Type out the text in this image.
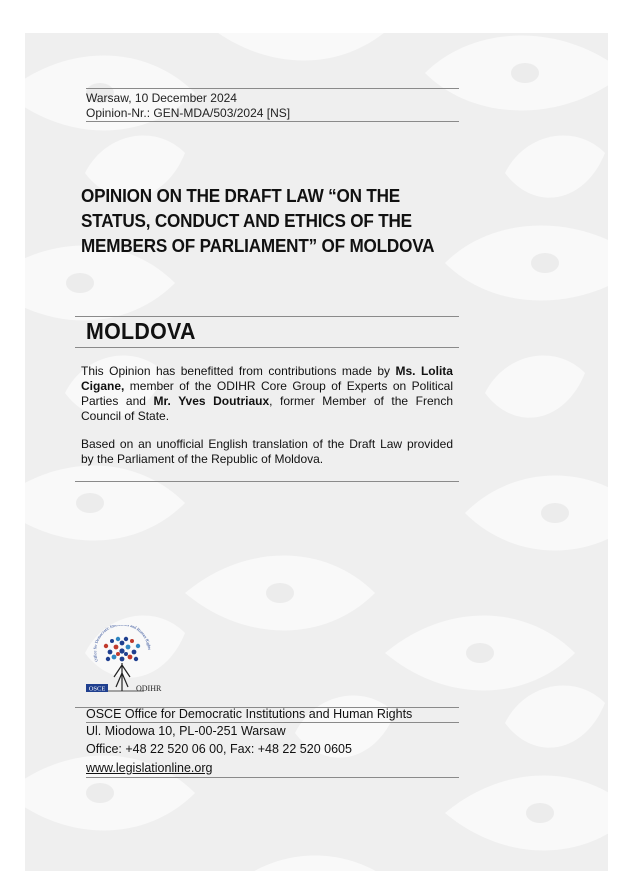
Warsaw, 10 December 2024
Opinion-Nr.: GEN-MDA/503/2024 [NS]
OPINION ON THE DRAFT LAW “ON THE STATUS, CONDUCT AND ETHICS OF THE MEMBERS OF PARLIAMENT” OF MOLDOVA
MOLDOVA

This Opinion has benefitted from contributions made by Ms. Lolita Cigane, member of the ODIHR Core Group of Experts on Political Parties and Mr. Yves Doutriaux, former Member of the French Council of State.

Based on an unofficial English translation of the Draft Law provided by the Parliament of the Republic of Moldova.

Office for Democratic Ins and Human Rights
OSCE	ODIHR
OSCE Office for Democratic Institutions and Human Rights
Ul. Miodowa 10, PL-00-251 Warsaw
Office: +48 22 520 06 00, Fax: +48 22 520 0605
www.legislationline.org
